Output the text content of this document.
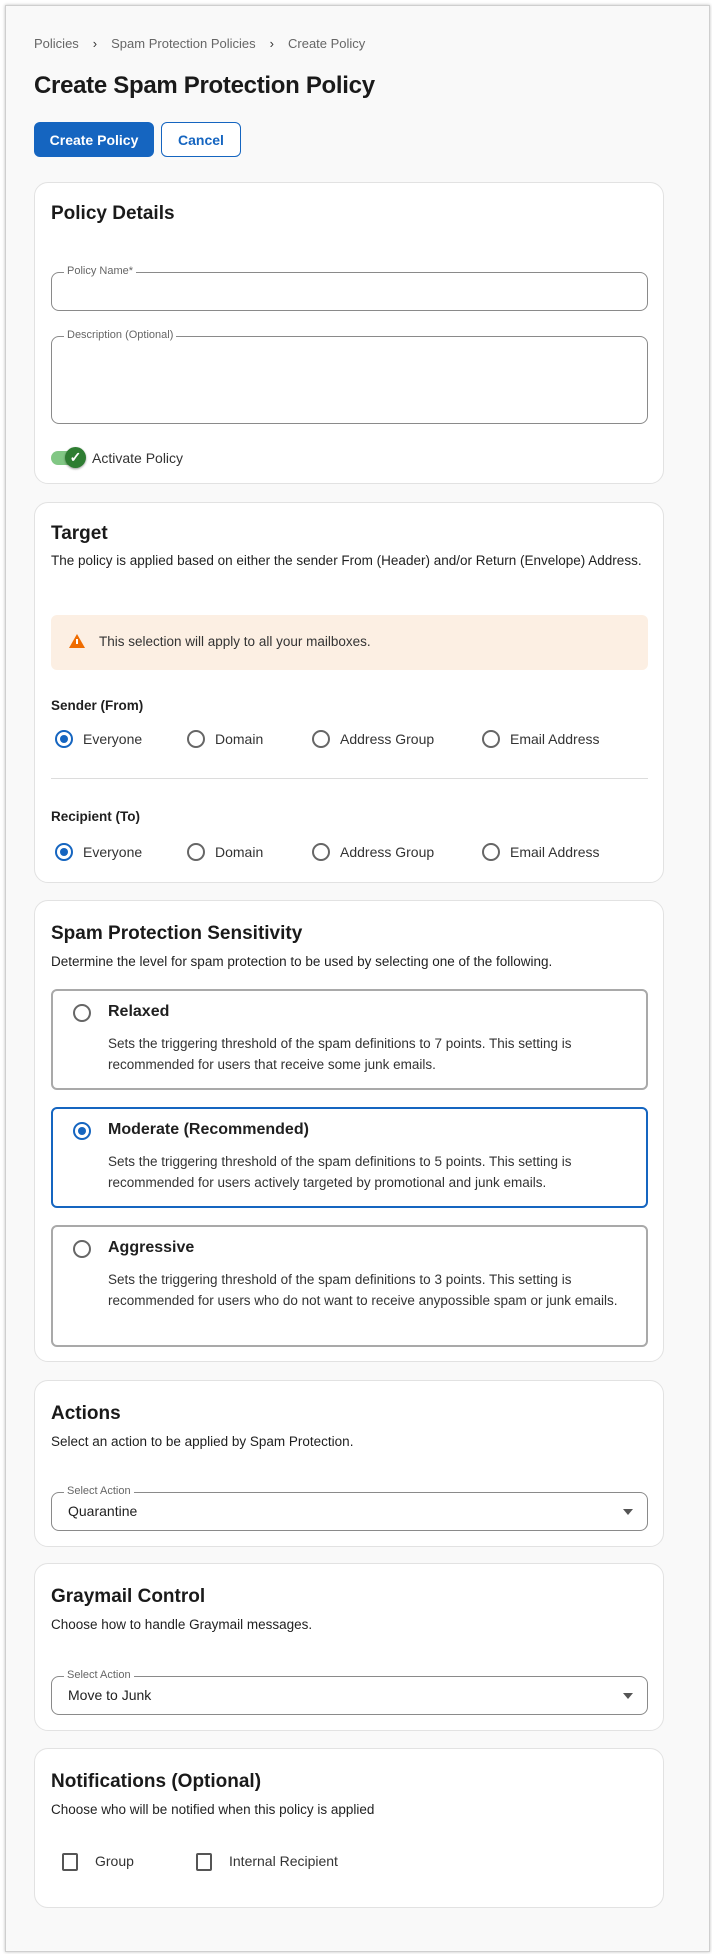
Policies › Spam Protection Policies › Create Policy
Create Spam Protection Policy
Create Policy	Cancel
Policy Details
Policy Name*
Description (Optional)
✓ Activate Policy
Target
The policy is applied based on either the sender From (Header) and/or Return (Envelope) Address.
This selection will apply to all your mailboxes.
Sender (From)
Everyone	Domain	Address Group	Email Address
Recipient (To)
Everyone	Domain	Address Group	Email Address
Spam Protection Sensitivity
Determine the level for spam protection to be used by selecting one of the following.
Relaxed
Sets the triggering threshold of the spam definitions to 7 points. This setting is recommended for users that receive some junk emails.
Moderate (Recommended)
Sets the triggering threshold of the spam definitions to 5 points. This setting is recommended for users actively targeted by promotional and junk emails.
Aggressive
Sets the triggering threshold of the spam definitions to 3 points. This setting is recommended for users who do not want to receive anypossible spam or junk emails.
Actions
Select an action to be applied by Spam Protection.
Select Action
Quarantine
Graymail Control
Choose how to handle Graymail messages.
Select Action
Move to Junk
Notifications (Optional)
Choose who will be notified when this policy is applied
Group	Internal Recipient
